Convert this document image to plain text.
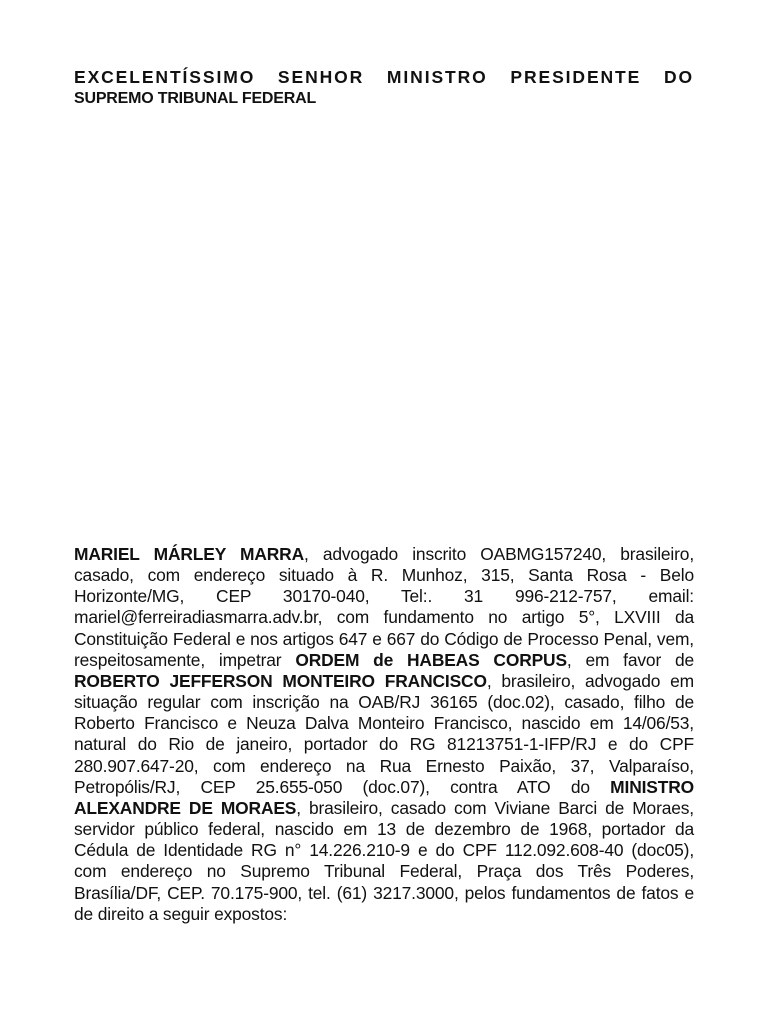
EXCELENTÍSSIMO SENHOR MINISTRO PRESIDENTE DO
SUPREMO TRIBUNAL FEDERAL

MARIEL MÁRLEY MARRA, advogado inscrito OABMG157240, brasileiro, casado, com endereço situado à R. Munhoz, 315, Santa Rosa - Belo Horizonte/MG, CEP 30170-040, Tel:. 31 996-212-757, email: mariel@ferreiradiasmarra.adv.br, com fundamento no artigo 5°, LXVIII da Constituição Federal e nos artigos 647 e 667 do Código de Processo Penal, vem, respeitosamente, impetrar ORDEM de HABEAS CORPUS, em favor de ROBERTO JEFFERSON MONTEIRO FRANCISCO, brasileiro, advogado em situação regular com inscrição na OAB/RJ 36165 (doc.02), casado, filho de Roberto Francisco e Neuza Dalva Monteiro Francisco, nascido em 14/06/53, natural do Rio de janeiro, portador do RG 81213751-1-IFP/RJ e do CPF 280.907.647-20, com endereço na Rua Ernesto Paixão, 37, Valparaíso, Petropólis/RJ, CEP 25.655-050 (doc.07), contra ATO do MINISTRO ALEXANDRE DE MORAES, brasileiro, casado com Viviane Barci de Moraes, servidor público federal, nascido em 13 de dezembro de 1968, portador da Cédula de Identidade RG n° 14.226.210-9 e do CPF 112.092.608-40 (doc05), com endereço no Supremo Tribunal Federal, Praça dos Três Poderes, Brasília/DF, CEP. 70.175-900, tel. (61) 3217.3000, pelos fundamentos de fatos e de direito a seguir expostos:
